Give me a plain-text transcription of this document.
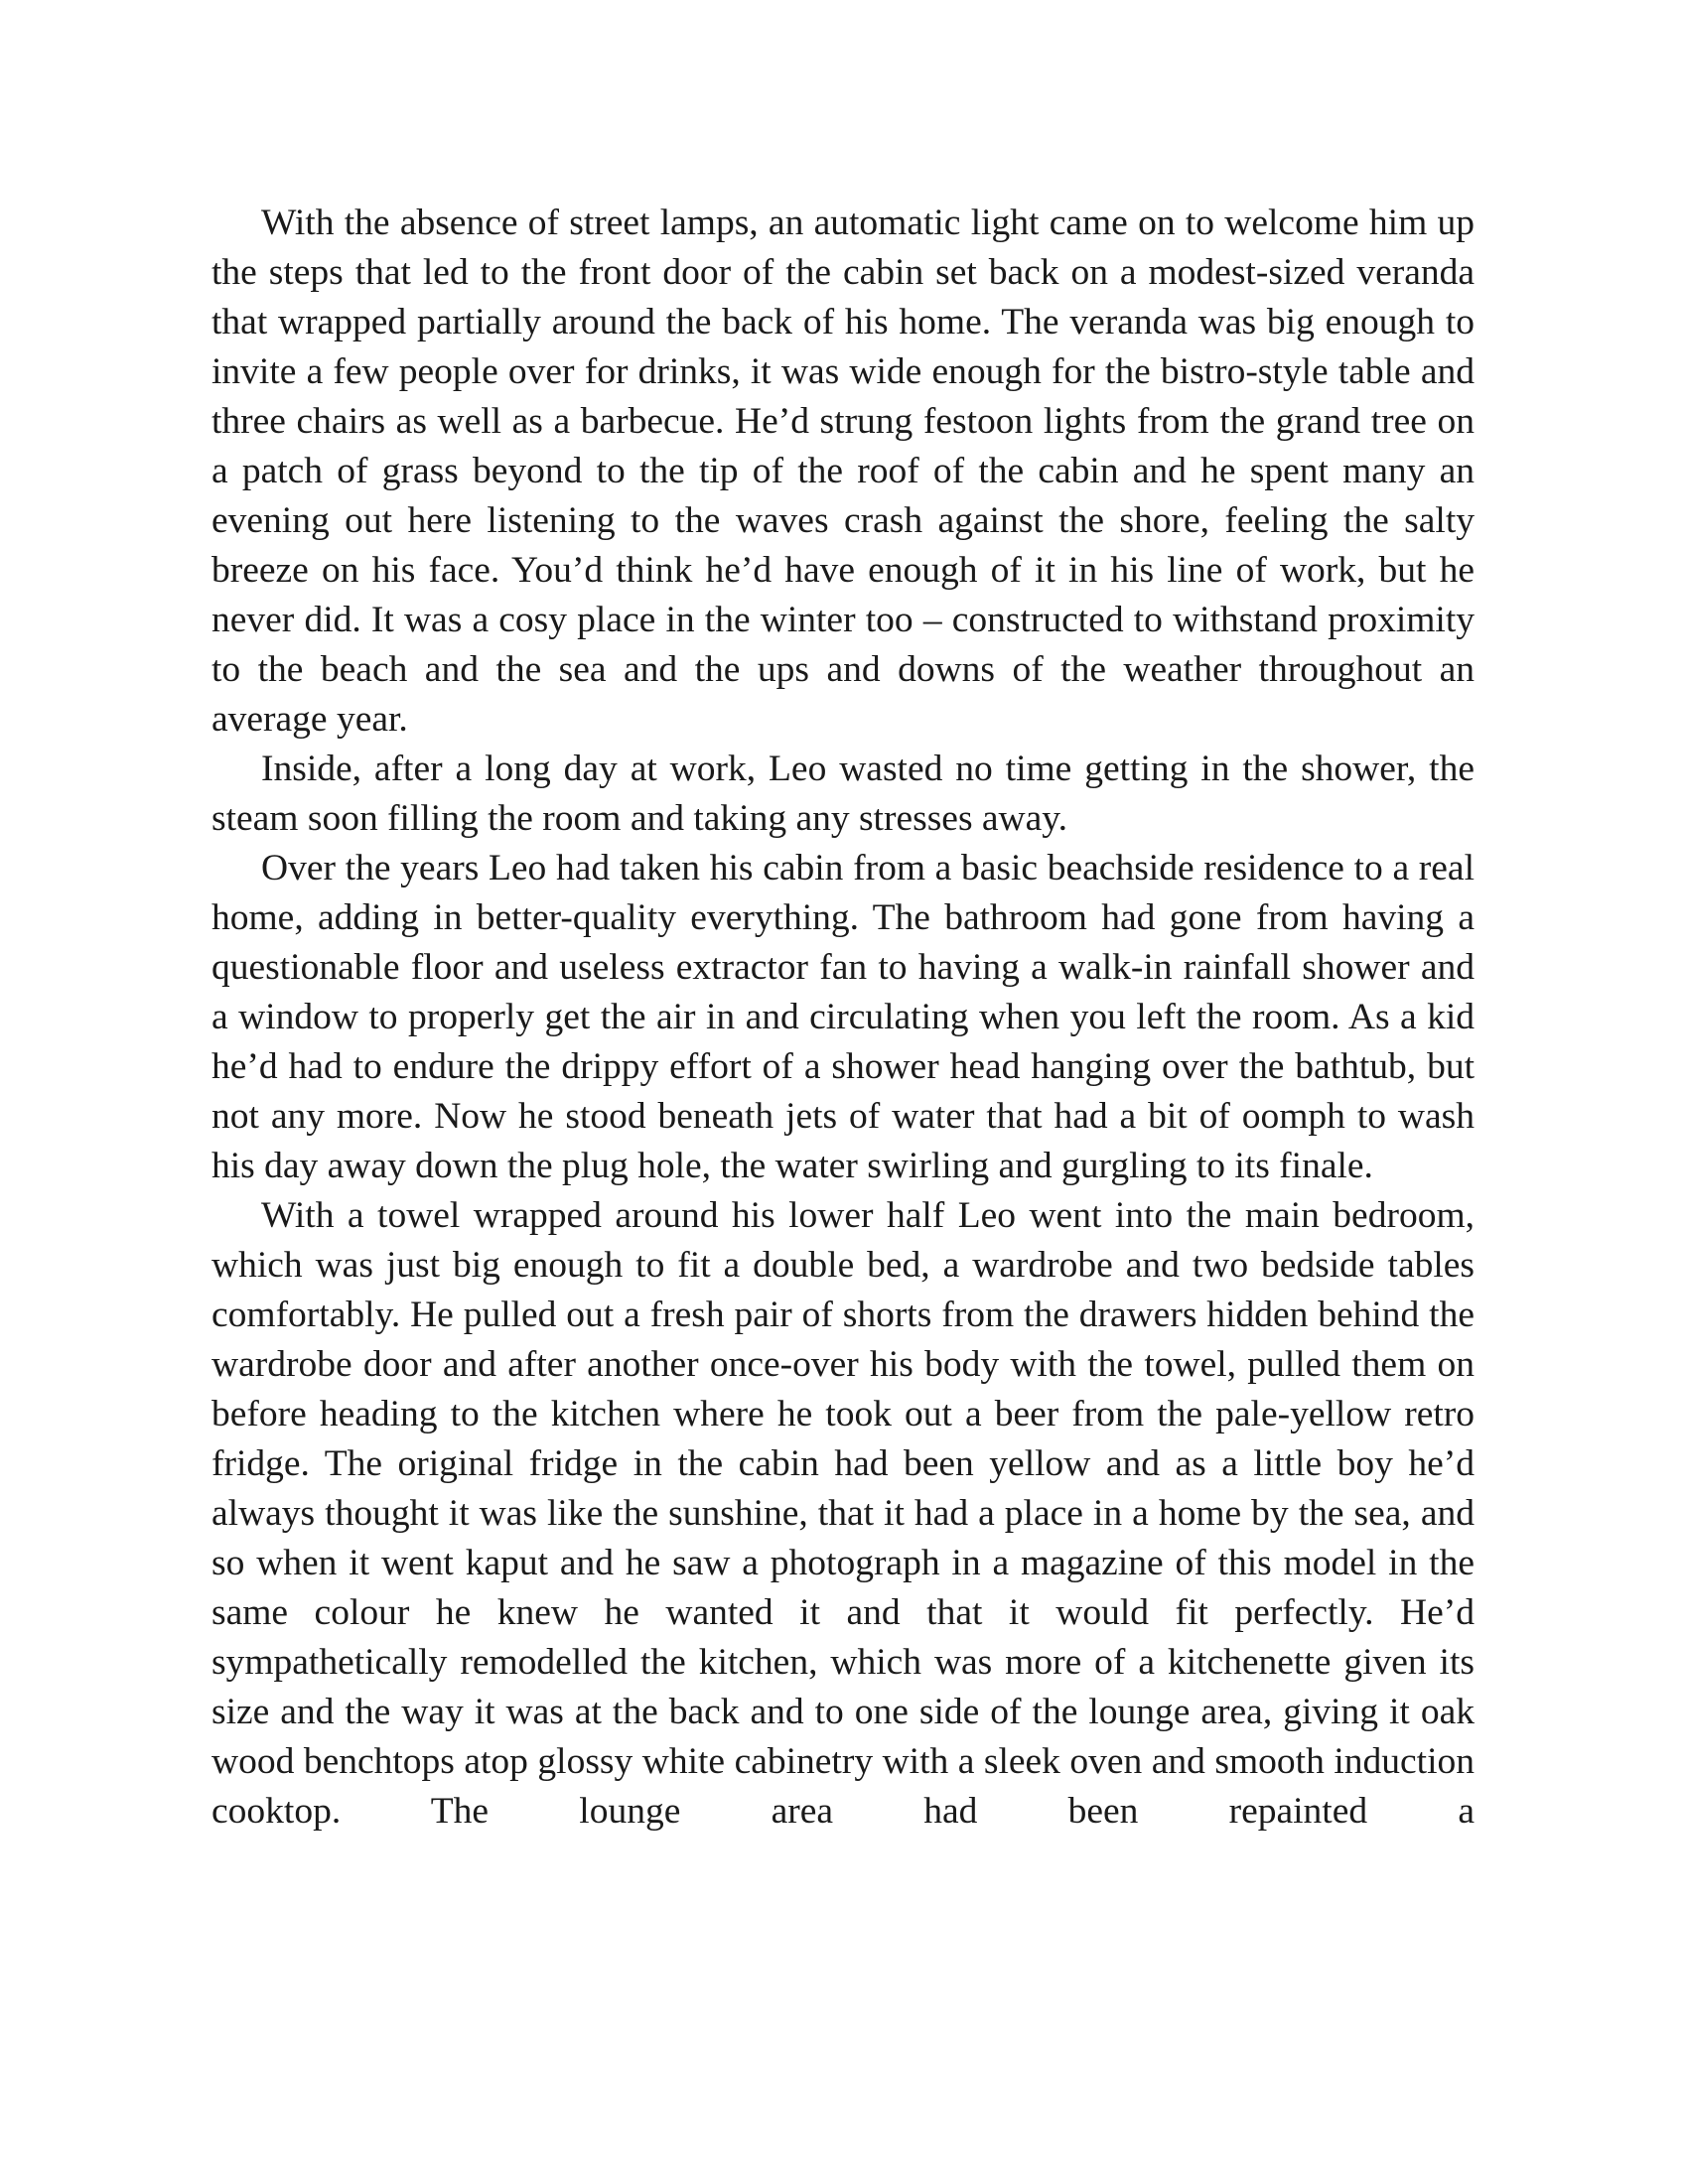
With the absence of street lamps, an automatic light came on to welcome him up the steps that led to the front door of the cabin set back on a modest-sized veranda that wrapped partially around the back of his home. The veranda was big enough to invite a few people over for drinks, it was wide enough for the bistro-style table and three chairs as well as a barbecue. He’d strung festoon lights from the grand tree on a patch of grass beyond to the tip of the roof of the cabin and he spent many an evening out here listening to the waves crash against the shore, feeling the salty breeze on his face. You’d think he’d have enough of it in his line of work, but he never did. It was a cosy place in the winter too – constructed to withstand proximity to the beach and the sea and the ups and downs of the weather throughout an average year.

Inside, after a long day at work, Leo wasted no time getting in the shower, the steam soon filling the room and taking any stresses away.

Over the years Leo had taken his cabin from a basic beachside residence to a real home, adding in better-quality everything. The bathroom had gone from having a questionable floor and useless extractor fan to having a walk-in rainfall shower and a window to properly get the air in and circulating when you left the room. As a kid he’d had to endure the drippy effort of a shower head hanging over the bathtub, but not any more. Now he stood beneath jets of water that had a bit of oomph to wash his day away down the plug hole, the water swirling and gurgling to its finale.

With a towel wrapped around his lower half Leo went into the main bedroom, which was just big enough to fit a double bed, a wardrobe and two bedside tables comfortably. He pulled out a fresh pair of shorts from the drawers hidden behind the wardrobe door and after another once-over his body with the towel, pulled them on before heading to the kitchen where he took out a beer from the pale-yellow retro fridge. The original fridge in the cabin had been yellow and as a little boy he’d always thought it was like the sunshine, that it had a place in a home by the sea, and so when it went kaput and he saw a photograph in a magazine of this model in the same colour he knew he wanted it and that it would fit perfectly. He’d sympathetically remodelled the kitchen, which was more of a kitchenette given its size and the way it was at the back and to one side of the lounge area, giving it oak wood benchtops atop glossy white cabinetry with a sleek oven and smooth induction cooktop. The lounge area had been repainted a
